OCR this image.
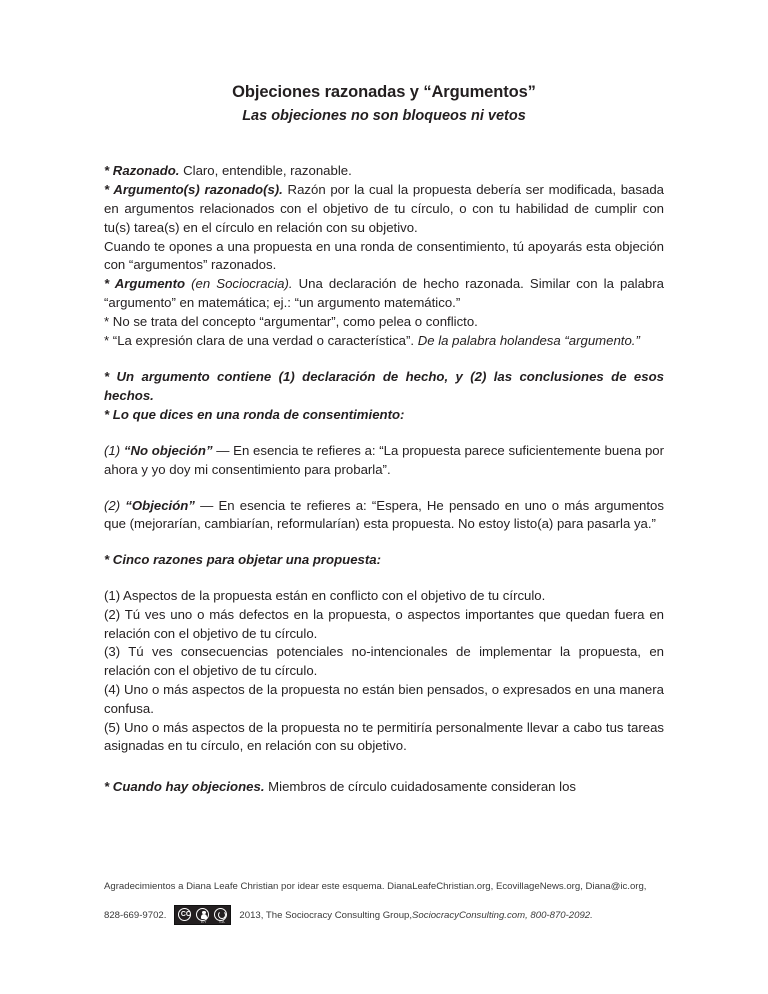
Objeciones razonadas y “Argumentos”
Las objeciones no son bloqueos ni vetos

* Razonado. Claro, entendible, razonable.

* Argumento(s) razonado(s). Razón por la cual la propuesta debería ser modificada, basada en argumentos relacionados con el objetivo de tu círculo, o con tu habilidad de cumplir con tu(s) tarea(s) en el círculo en relación con su objetivo.

Cuando te opones a una propuesta en una ronda de consentimiento, tú apoyarás esta objeción con “argumentos” razonados.

* Argumento (en Sociocracia). Una declaración de hecho razonada. Similar con la palabra “argumento” en matemática; ej.: “un argumento matemático.”

* No se trata del concepto “argumentar”, como pelea o conflicto.

* “La expresión clara de una verdad o característica”. De la palabra holandesa “argumento.”

* Un argumento contiene (1) declaración de hecho, y (2) las conclusiones de esos hechos.

* Lo que dices en una ronda de consentimiento:

(1) “No objeción” — En esencia te refieres a: “La propuesta parece suficientemente buena por ahora y yo doy mi consentimiento para probarla”.

(2) “Objeción” — En esencia te refieres a: “Espera, He pensado en uno o más argumentos que (mejorarían, cambiarían, reformularían) esta propuesta. No estoy listo(a) para pasarla ya.”

* Cinco razones para objetar una propuesta:

(1) Aspectos de la propuesta están en conflicto con el objetivo de tu círculo.

(2) Tú ves uno o más defectos en la propuesta, o aspectos importantes que quedan fuera en relación con el objetivo de tu círculo.

(3) Tú ves consecuencias potenciales no-intencionales de implementar la propuesta, en relación con el objetivo de tu círculo.

(4) Uno o más aspectos de la propuesta no están bien pensados, o expresados en una manera confusa.

(5) Uno o más aspectos de la propuesta no te permitiría personalmente llevar a cabo tus tareas asignadas en tu círculo, en relación con su objetivo.

* Cuando hay objeciones. Miembros de círculo cuidadosamente consideran los

Agradecimientos a Diana Leafe Christian por idear este esquema. DianaLeafeChristian.org, EcovillageNews.org, Diana@ic.org,

828-669-9702.	CC
BY	SA
2013, The Sociocracy Consulting Group, SociocracyConsulting.com, 800-870-2092.
